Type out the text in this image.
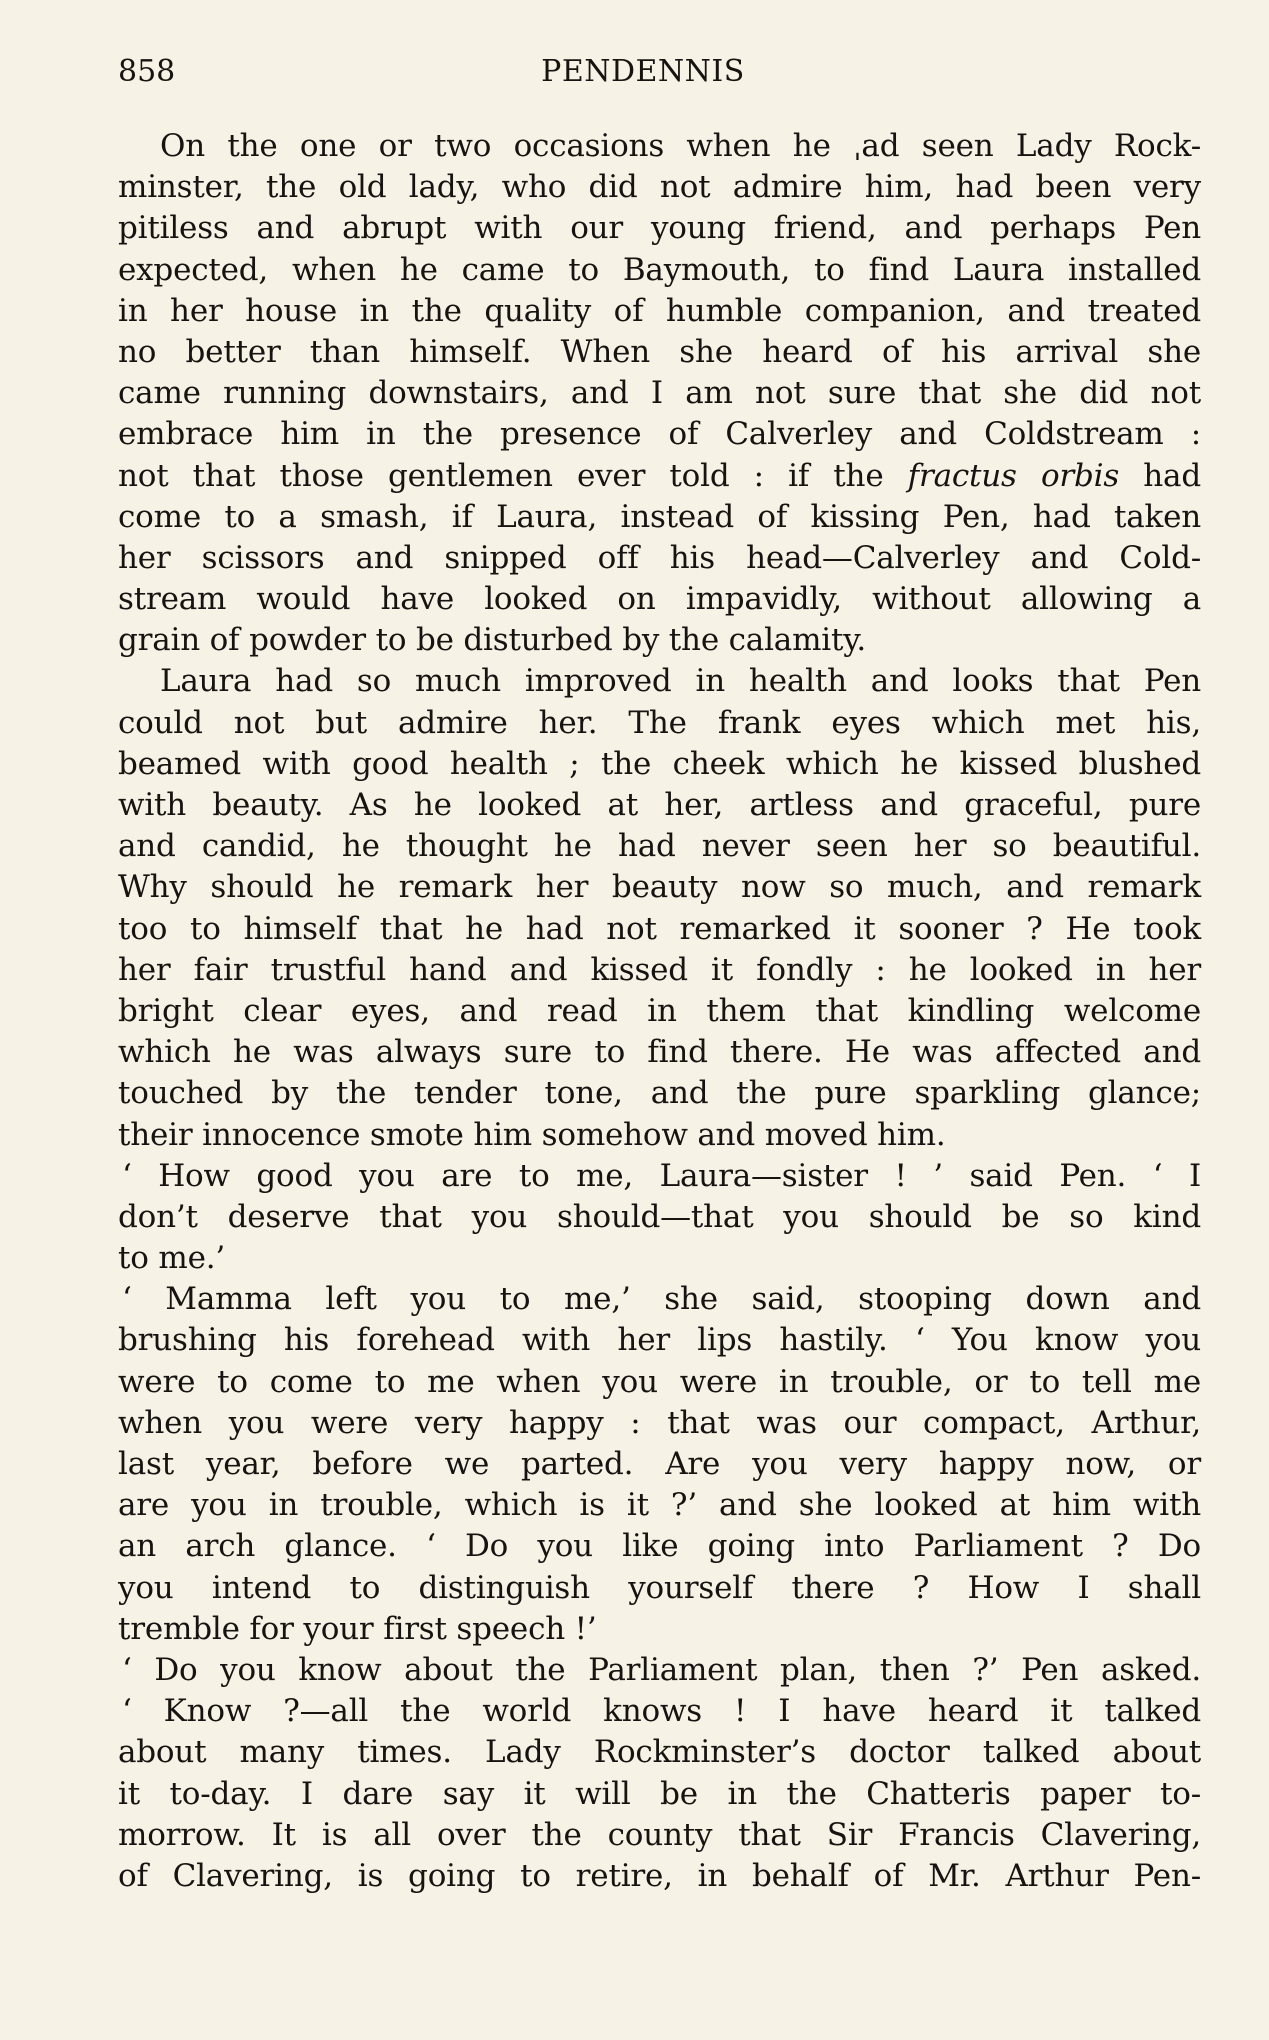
858	PENDENNIS
On the one or two occasions when he ˌad seen Lady Rock-
minster, the old lady, who did not admire him, had been very
pitiless and abrupt with our young friend, and perhaps Pen
expected, when he came to Baymouth, to find Laura installed
in her house in the quality of humble companion, and treated
no better than himself. When she heard of his arrival she
came running downstairs, and I am not sure that she did not
embrace him in the presence of Calverley and Coldstream :
not that those gentlemen ever told : if the fractus orbis had
come to a smash, if Laura, instead of kissing Pen, had taken
her scissors and snipped off his head—Calverley and Cold-
stream would have looked on impavidly, without allowing a
grain of powder to be disturbed by the calamity.
Laura had so much improved in health and looks that Pen
could not but admire her. The frank eyes which met his,
beamed with good health ; the cheek which he kissed blushed
with beauty. As he looked at her, artless and graceful, pure
and candid, he thought he had never seen her so beautiful.
Why should he remark her beauty now so much, and remark
too to himself that he had not remarked it sooner ? He took
her fair trustful hand and kissed it fondly : he looked in her
bright clear eyes, and read in them that kindling welcome
which he was always sure to find there. He was affected and
touched by the tender tone, and the pure sparkling glance;
their innocence smote him somehow and moved him.
‘ How good you are to me, Laura—sister ! ’ said Pen. ‘ I
don’t deserve that you should—that you should be so kind
to me.’
‘ Mamma left you to me,’ she said, stooping down and
brushing his forehead with her lips hastily. ‘ You know you
were to come to me when you were in trouble, or to tell me
when you were very happy : that was our compact, Arthur,
last year, before we parted. Are you very happy now, or
are you in trouble, which is it ?’ and she looked at him with
an arch glance. ‘ Do you like going into Parliament ? Do
you intend to distinguish yourself there ? How I shall
tremble for your first speech !’
‘ Do you know about the Parliament plan, then ?’ Pen asked.
‘ Know ?—all the world knows ! I have heard it talked
about many times. Lady Rockminster’s doctor talked about
it to-day. I dare say it will be in the Chatteris paper to-
morrow. It is all over the county that Sir Francis Clavering,
of Clavering, is going to retire, in behalf of Mr. Arthur Pen-
